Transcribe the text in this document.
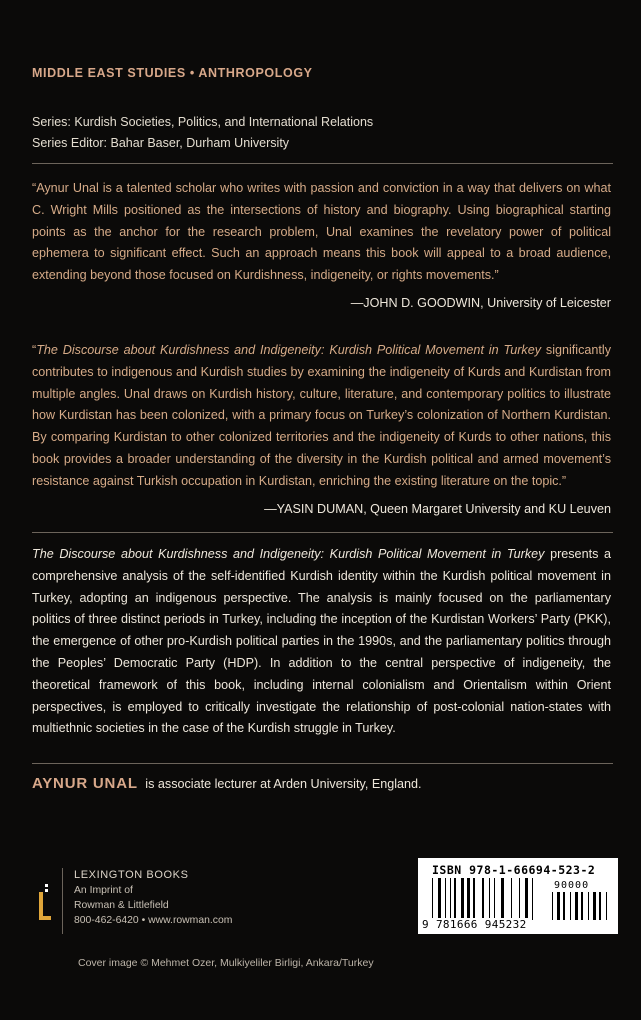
MIDDLE EAST STUDIES • ANTHROPOLOGY
Series: Kurdish Societies, Politics, and International Relations
Series Editor: Bahar Baser, Durham University
“Aynur Unal is a talented scholar who writes with passion and conviction in a way that delivers on what C. Wright Mills positioned as the intersections of history and biography. Using biographical starting points as the anchor for the research problem, Unal examines the revelatory power of political ephemera to significant effect. Such an approach means this book will appeal to a broad audience, extending beyond those focused on Kurdishness, indigeneity, or rights movements.”
—JOHN D. GOODWIN, University of Leicester
“The Discourse about Kurdishness and Indigeneity: Kurdish Political Movement in Turkey significantly contributes to indigenous and Kurdish studies by examining the indigeneity of Kurds and Kurdistan from multiple angles. Unal draws on Kurdish history, culture, literature, and contemporary politics to illustrate how Kurdistan has been colonized, with a primary focus on Turkey’s colonization of Northern Kurdistan. By comparing Kurdistan to other colonized territories and the indigeneity of Kurds to other nations, this book provides a broader understanding of the diversity in the Kurdish political and armed movement’s resistance against Turkish occupation in Kurdistan, enriching the existing literature on the topic.”
—YASIN DUMAN, Queen Margaret University and KU Leuven
The Discourse about Kurdishness and Indigeneity: Kurdish Political Movement in Turkey presents a comprehensive analysis of the self-identified Kurdish identity within the Kurdish political movement in Turkey, adopting an indigenous perspective. The analysis is mainly focused on the parliamentary politics of three distinct periods in Turkey, including the inception of the Kurdistan Workers’ Party (PKK), the emergence of other pro-Kurdish political parties in the 1990s, and the parliamentary politics through the Peoples’ Democratic Party (HDP). In addition to the central perspective of indigeneity, the theoretical framework of this book, including internal colonialism and Orientalism within Orient perspectives, is employed to critically investigate the relationship of post-colonial nation-states with multiethnic societies in the case of the Kurdish struggle in Turkey.
AYNUR UNAL is associate lecturer at Arden University, England.
LEXINGTON BOOKS
An Imprint of
Rowman & Littlefield
800-462-6420 • www.rowman.com
ISBN 978-1-66694-523-2
90000
9 781666 945232
Cover image © Mehmet Ozer, Mulkiyeliler Birligi, Ankara/Turkey
